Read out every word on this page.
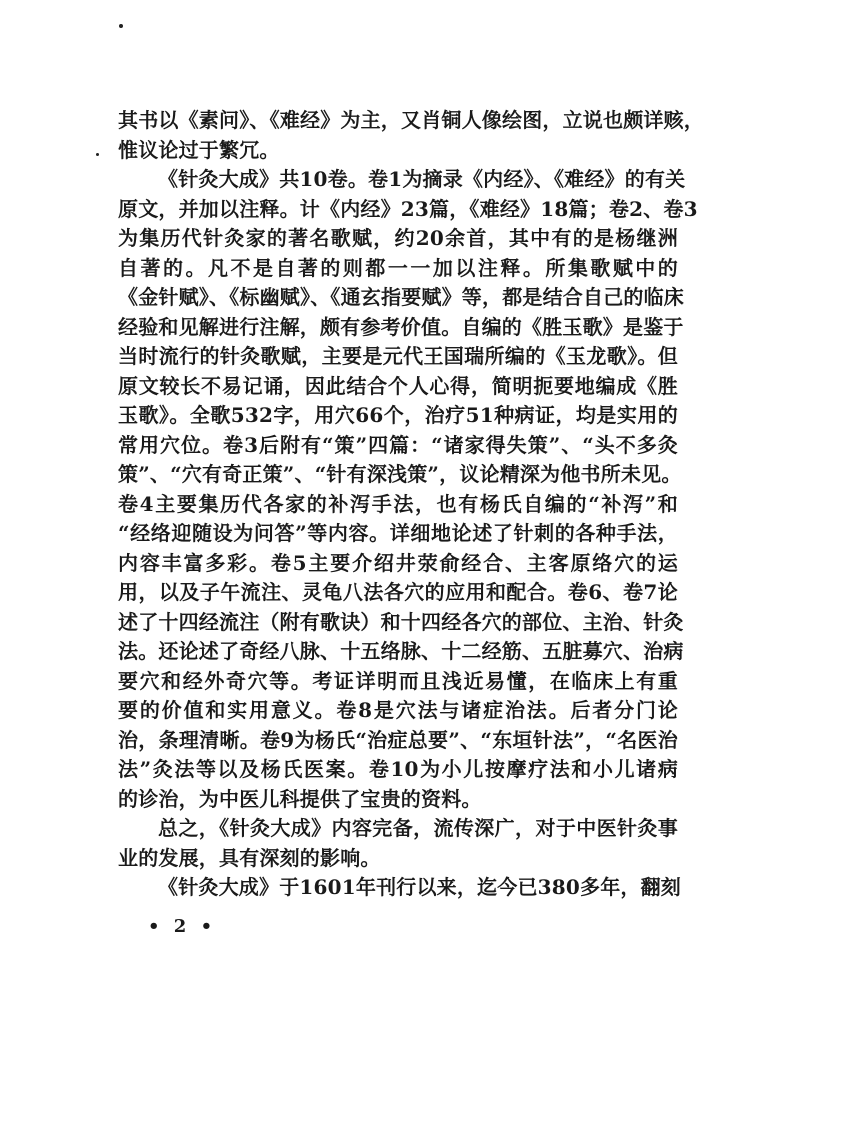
其书以《素问》、《难经》为主，又肖铜人像绘图，立说也颇详赅，
惟议论过于繁冗。
《针灸大成》共10卷。卷1为摘录《内经》、《难经》的有关
原文，并加以注释。计《内经》23篇，《难经》18篇；卷2、卷3
为集历代针灸家的著名歌赋，约20余首，其中有的是杨继洲
自著的。凡不是自著的则都一一加以注释。所集歌赋中的
《金针赋》、《标幽赋》、《通玄指要赋》等，都是结合自己的临床
经验和见解进行注解，颇有参考价值。自编的《胜玉歌》是鉴于
当时流行的针灸歌赋，主要是元代王国瑞所编的《玉龙歌》。但
原文较长不易记诵，因此结合个人心得，简明扼要地编成《胜
玉歌》。全歌532字，用穴66个，治疗51种病证，均是实用的
常用穴位。卷3后附有“策”四篇：“诸家得失策”、“头不多灸
策”、“穴有奇正策”、“针有深浅策”，议论精深为他书所未见。
卷4主要集历代各家的补泻手法，也有杨氏自编的“补泻”和
“经络迎随设为问答”等内容。详细地论述了针刺的各种手法，
内容丰富多彩。卷5主要介绍井荥俞经合、主客原络穴的运
用，以及子午流注、灵龟八法各穴的应用和配合。卷6、卷7论
述了十四经流注（附有歌诀）和十四经各穴的部位、主治、针灸
法。还论述了奇经八脉、十五络脉、十二经筋、五脏募穴、治病
要穴和经外奇穴等。考证详明而且浅近易懂，在临床上有重
要的价值和实用意义。卷8是穴法与诸症治法。后者分门论
治，条理清晰。卷9为杨氏“治症总要”、“东垣针法”，“名医治
法”灸法等以及杨氏医案。卷10为小儿按摩疗法和小儿诸病
的诊治，为中医儿科提供了宝贵的资料。
总之，《针灸大成》内容完备，流传深广，对于中医针灸事
业的发展，具有深刻的影响。
《针灸大成》于1601年刊行以来，迄今已380多年，翻刻
• 2 •
